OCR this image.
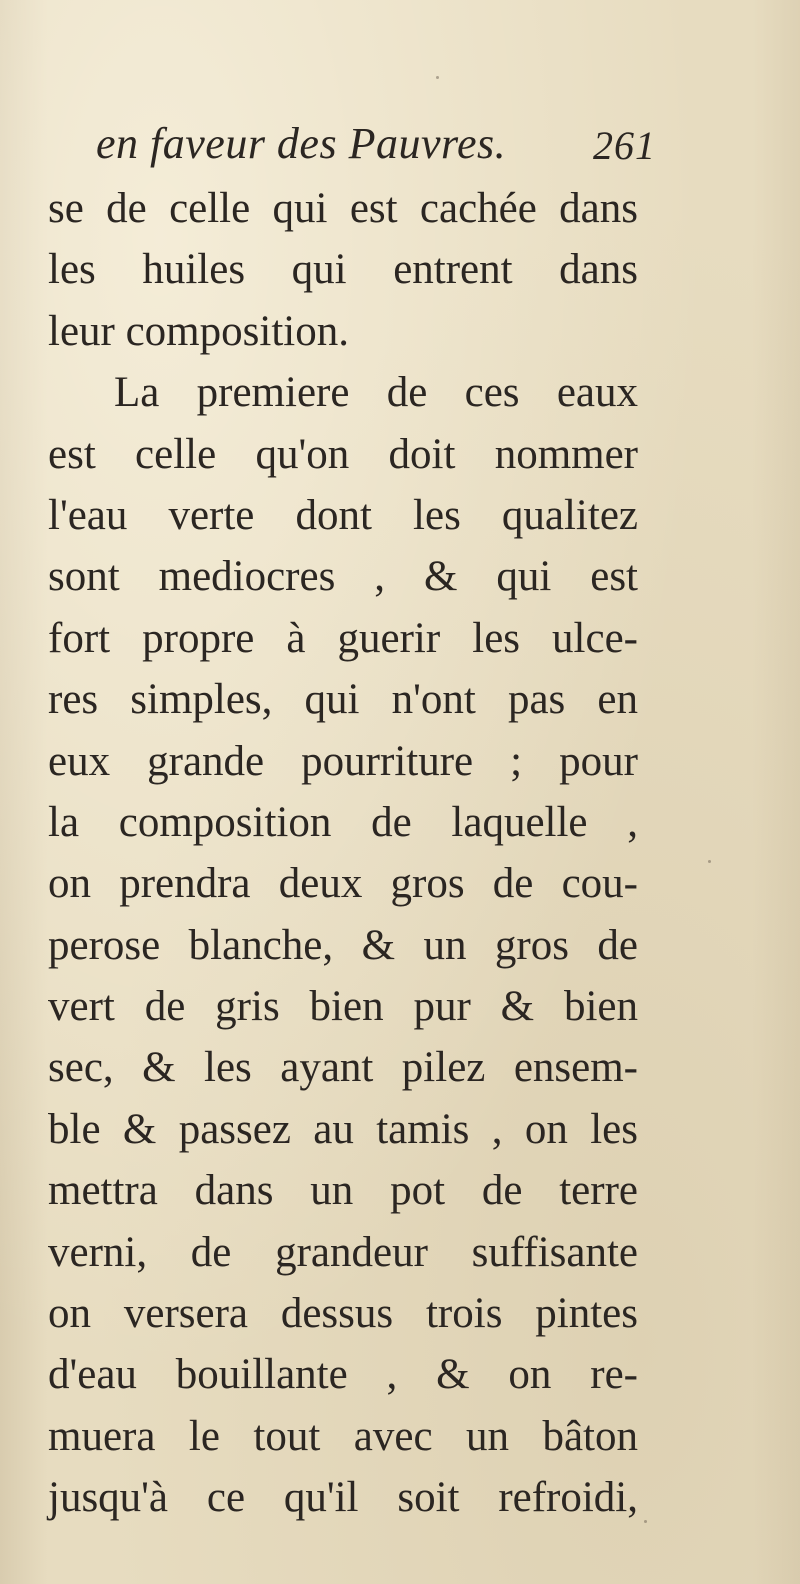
en faveur des Pauvres. 261
se de celle qui est cachée dans
les huiles qui entrent dans
leur composition.
La premiere de ces eaux
est celle qu'on doit nommer
l'eau verte dont les qualitez
sont mediocres , & qui est
fort propre à guerir les ulce-
res simples, qui n'ont pas en
eux grande pourriture ; pour
la composition de laquelle ,
on prendra deux gros de cou-
perose blanche, & un gros de
vert de gris bien pur & bien
sec, & les ayant pilez ensem-
ble & passez au tamis , on les
mettra dans un pot de terre
verni, de grandeur suffisante
on versera dessus trois pintes
d'eau bouillante , & on re-
muera le tout avec un bâton
jusqu'à ce qu'il soit refroidi,
